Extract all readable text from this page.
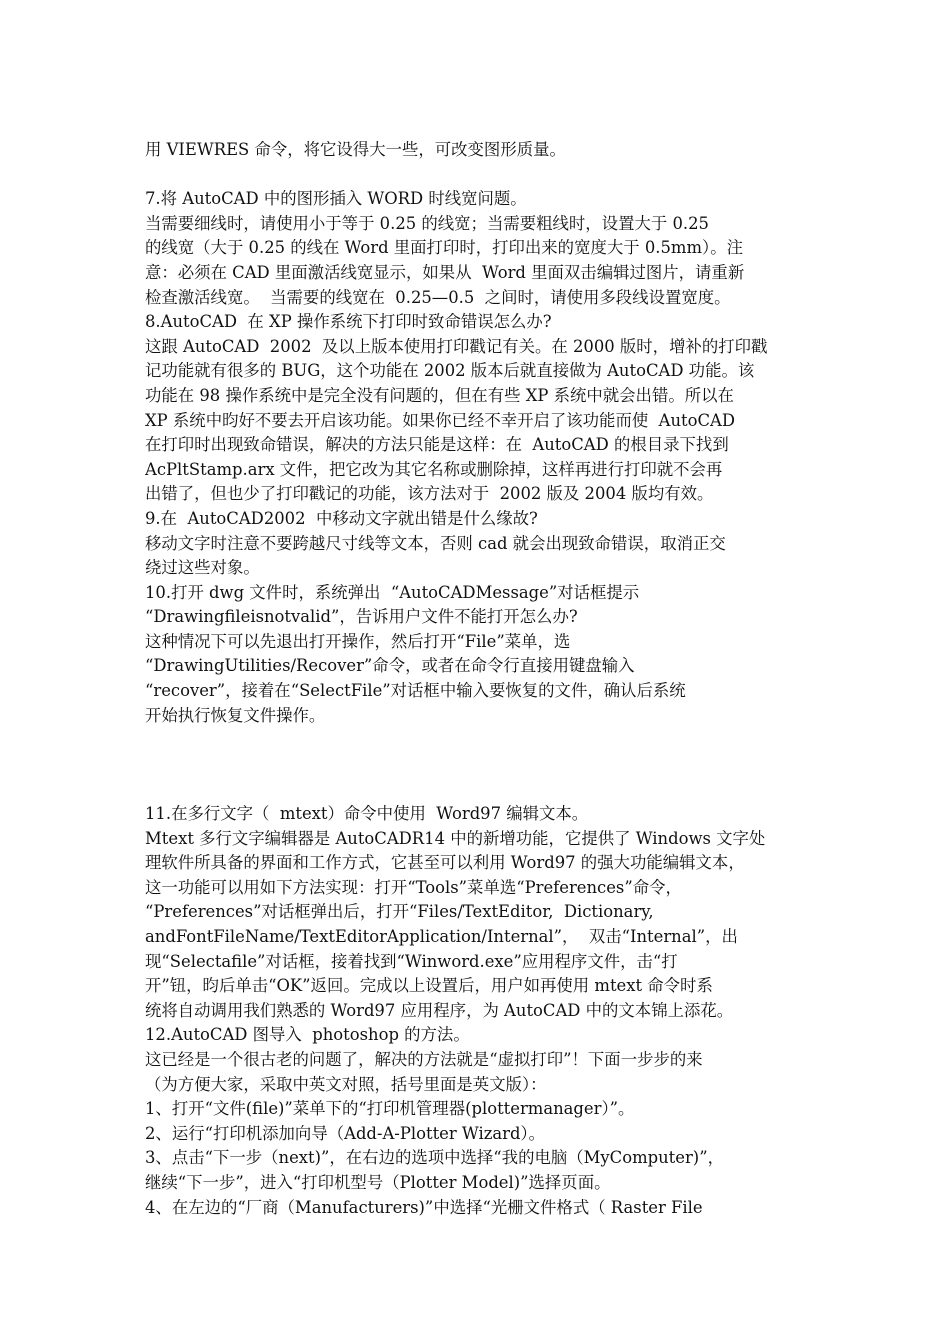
用 VIEWRES 命令，将它设得大一些，可改变图形质量。
7.将 AutoCAD 中的图形插入 WORD 时线宽问题。
当需要细线时，请使用小于等于 0.25 的线宽；当需要粗线时，设置大于 0.25
的线宽（大于 0.25 的线在 Word 里面打印时，打印出来的宽度大于 0.5mm）。注
意：必须在 CAD 里面激活线宽显示，如果从  Word 里面双击编辑过图片，请重新
检查激活线宽。  当需要的线宽在  0.25—0.5  之间时，请使用多段线设置宽度。
8.AutoCAD  在 XP 操作系统下打印时致命错误怎么办?
这跟 AutoCAD  2002  及以上版本使用打印戳记有关。在 2000 版时，增补的打印戳
记功能就有很多的 BUG，这个功能在 2002 版本后就直接做为 AutoCAD 功能。该
功能在 98 操作系统中是完全没有问题的，但在有些 XP 系统中就会出错。所以在
XP 系统中昀好不要去开启该功能。如果你已经不幸开启了该功能而使  AutoCAD
在打印时出现致命错误，解决的方法只能是这样：在  AutoCAD 的根目录下找到
AcPltStamp.arx 文件，把它改为其它名称或删除掉，这样再进行打印就不会再
出错了，但也少了打印戳记的功能，该方法对于  2002 版及 2004 版均有效。
9.在  AutoCAD2002  中移动文字就出错是什么缘故?
移动文字时注意不要跨越尺寸线等文本，否则 cad 就会出现致命错误，取消正交
绕过这些对象。
10.打开 dwg 文件时，系统弹出  “AutoCADMessage”对话框提示
“Drawingfileisnotvalid”，告诉用户文件不能打开怎么办?
这种情况下可以先退出打开操作，然后打开“File”菜单，选
“DrawingUtilities/Recover”命令，或者在命令行直接用键盘输入
“recover”，接着在“SelectFile”对话框中输入要恢复的文件，确认后系统
开始执行恢复文件操作。
11.在多行文字（  mtext）命令中使用  Word97 编辑文本。
Mtext 多行文字编辑器是 AutoCADR14 中的新增功能，它提供了 Windows 文字处
理软件所具备的界面和工作方式，它甚至可以利用 Word97 的强大功能编辑文本，
这一功能可以用如下方法实现：打开“Tools”菜单选“Preferences”命令，
“Preferences”对话框弹出后，打开“Files/TextEditor,  Dictionary,
andFontFileName/TextEditorApplication/Internal”，  双击“Internal”，出
现“Selectafile”对话框，接着找到“Winword.exe”应用程序文件，击“打
开”钮，昀后单击“OK”返回。完成以上设置后，用户如再使用 mtext 命令时系
统将自动调用我们熟悉的 Word97 应用程序，为 AutoCAD 中的文本锦上添花。
12.AutoCAD 图导入  photoshop 的方法。
这已经是一个很古老的问题了，解决的方法就是“虚拟打印”！下面一步步的来
（为方便大家，采取中英文对照，括号里面是英文版）：
1、打开“文件(file)”菜单下的“打印机管理器(plottermanager）”。
2、运行“打印机添加向导（Add-A-Plotter Wizard）。
3、点击“下一步（next)”，在右边的选项中选择“我的电脑（MyComputer)”，
继续“下一步”，进入“打印机型号（Plotter Model)”选择页面。
4、在左边的“厂商（Manufacturers)”中选择“光栅文件格式（ Raster File
